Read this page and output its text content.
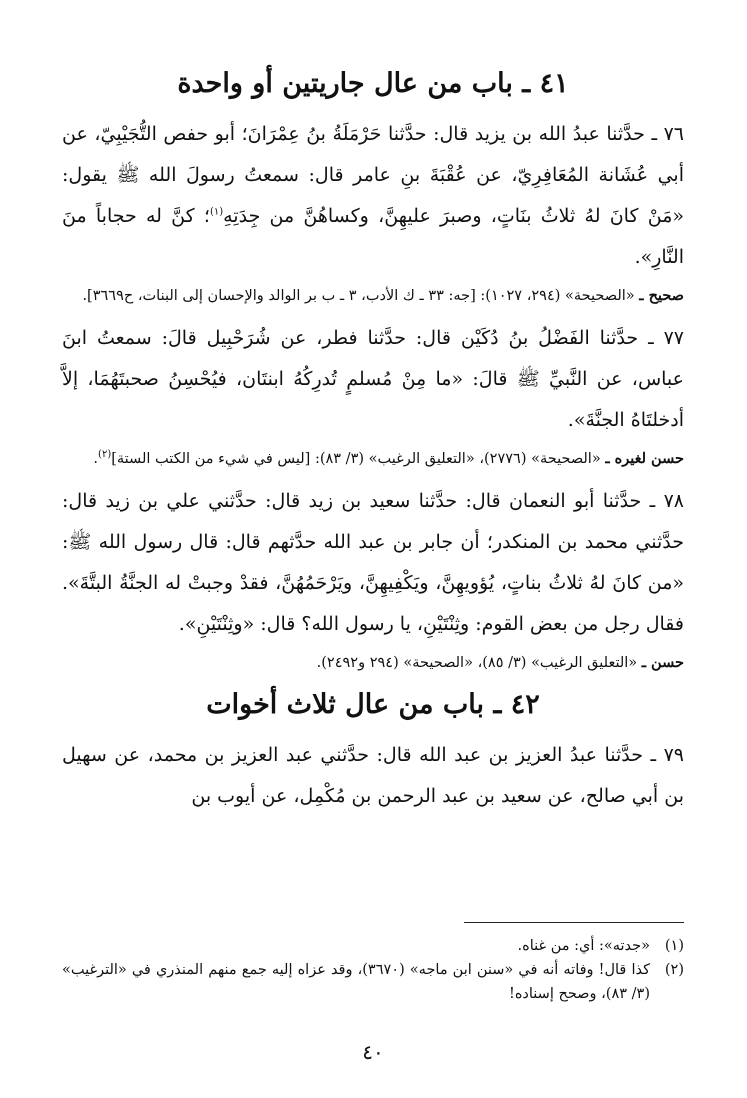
٤١ ـ باب من عال جاريتين أو واحدة

٧٦ ـ حدَّثنا عبدُ الله بن يزيد قال: حدَّثنا حَرْمَلَةُ بنُ عِمْرَانَ؛ أبو حفص التُّجَيْبِيّ، عن أبي عُشَانة المُعَافِرِيّ، عن عُقْبَةَ بنِ عامر قال: سمعتُ رسولَ الله ﷺ يقول: «مَنْ كانَ لهُ ثلاثُ بنَاتٍ، وصبرَ عليهِنَّ، وكساهُنَّ من جِدَتِهِ$^{(١)}$؛ كنَّ له حجاباً منَ النَّارِ».

صحيح ـ «الصحيحة» (٢٩٤، ١٠٢٧): [جه: ٣٣ ـ ك الأدب، ٣ ـ ب بر الوالد والإحسان إلى البنات، ح٣٦٦٩].

٧٧ ـ حدَّثنا الفَضْلُ بنُ دُكَيْن قال: حدَّثنا فطر، عن شُرَحْبِيل قالَ: سمعتُ ابنَ عباس، عن النَّبيِّ ﷺ قالَ: «ما مِنْ مُسلمٍ تُدرِكُهُ ابنتَان، فيُحْسِنُ صحبتَهُمَا، إلاَّ أدخلتَاهُ الجنَّةَ».

حسن لغيره ـ «الصحيحة» (٢٧٧٦)، «التعليق الرغيب» (٣/ ٨٣): [ليس في شيء من الكتب الستة]$^{(٢)}$.

٧٨ ـ حدَّثنا أبو النعمان قال: حدَّثنا سعيد بن زيد قال: حدَّثني علي بن زيد قال: حدَّثني محمد بن المنكدر؛ أن جابر بن عبد الله حدَّثهم قال: قال رسول الله ﷺ: «من كانَ لهُ ثلاثُ بناتٍ، يُؤويهِنَّ، ويَكْفِيهِنَّ، ويَرْحَمُهُنَّ، فقدْ وجبتْ له الجنَّةُ البتَّةَ». فقال رجل من بعض القوم: وثِنْتَيْنِ، يا رسول الله؟ قال: «وثِنْتَيْنِ».

حسن ـ «التعليق الرغيب» (٣/ ٨٥)، «الصحيحة» (٢٩٤ و٢٤٩٢).

٤٢ ـ باب من عال ثلاث أخوات

٧٩ ـ حدَّثنا عبدُ العزيز بن عبد الله قال: حدَّثني عبد العزيز بن محمد، عن سهيل بن أبي صالح، عن سعيد بن عبد الرحمن بن مُكْمِل، عن أيوب بن

(١)
«جدته»: أي: من غناه.
(٢)
كذا قال! وفاته أنه في «سنن ابن ماجه» (٣٦٧٠)، وقد عزاه إليه جمع منهم المنذري في «الترغيب» (٣/ ٨٣)، وصحح إسناده!
٤٠
